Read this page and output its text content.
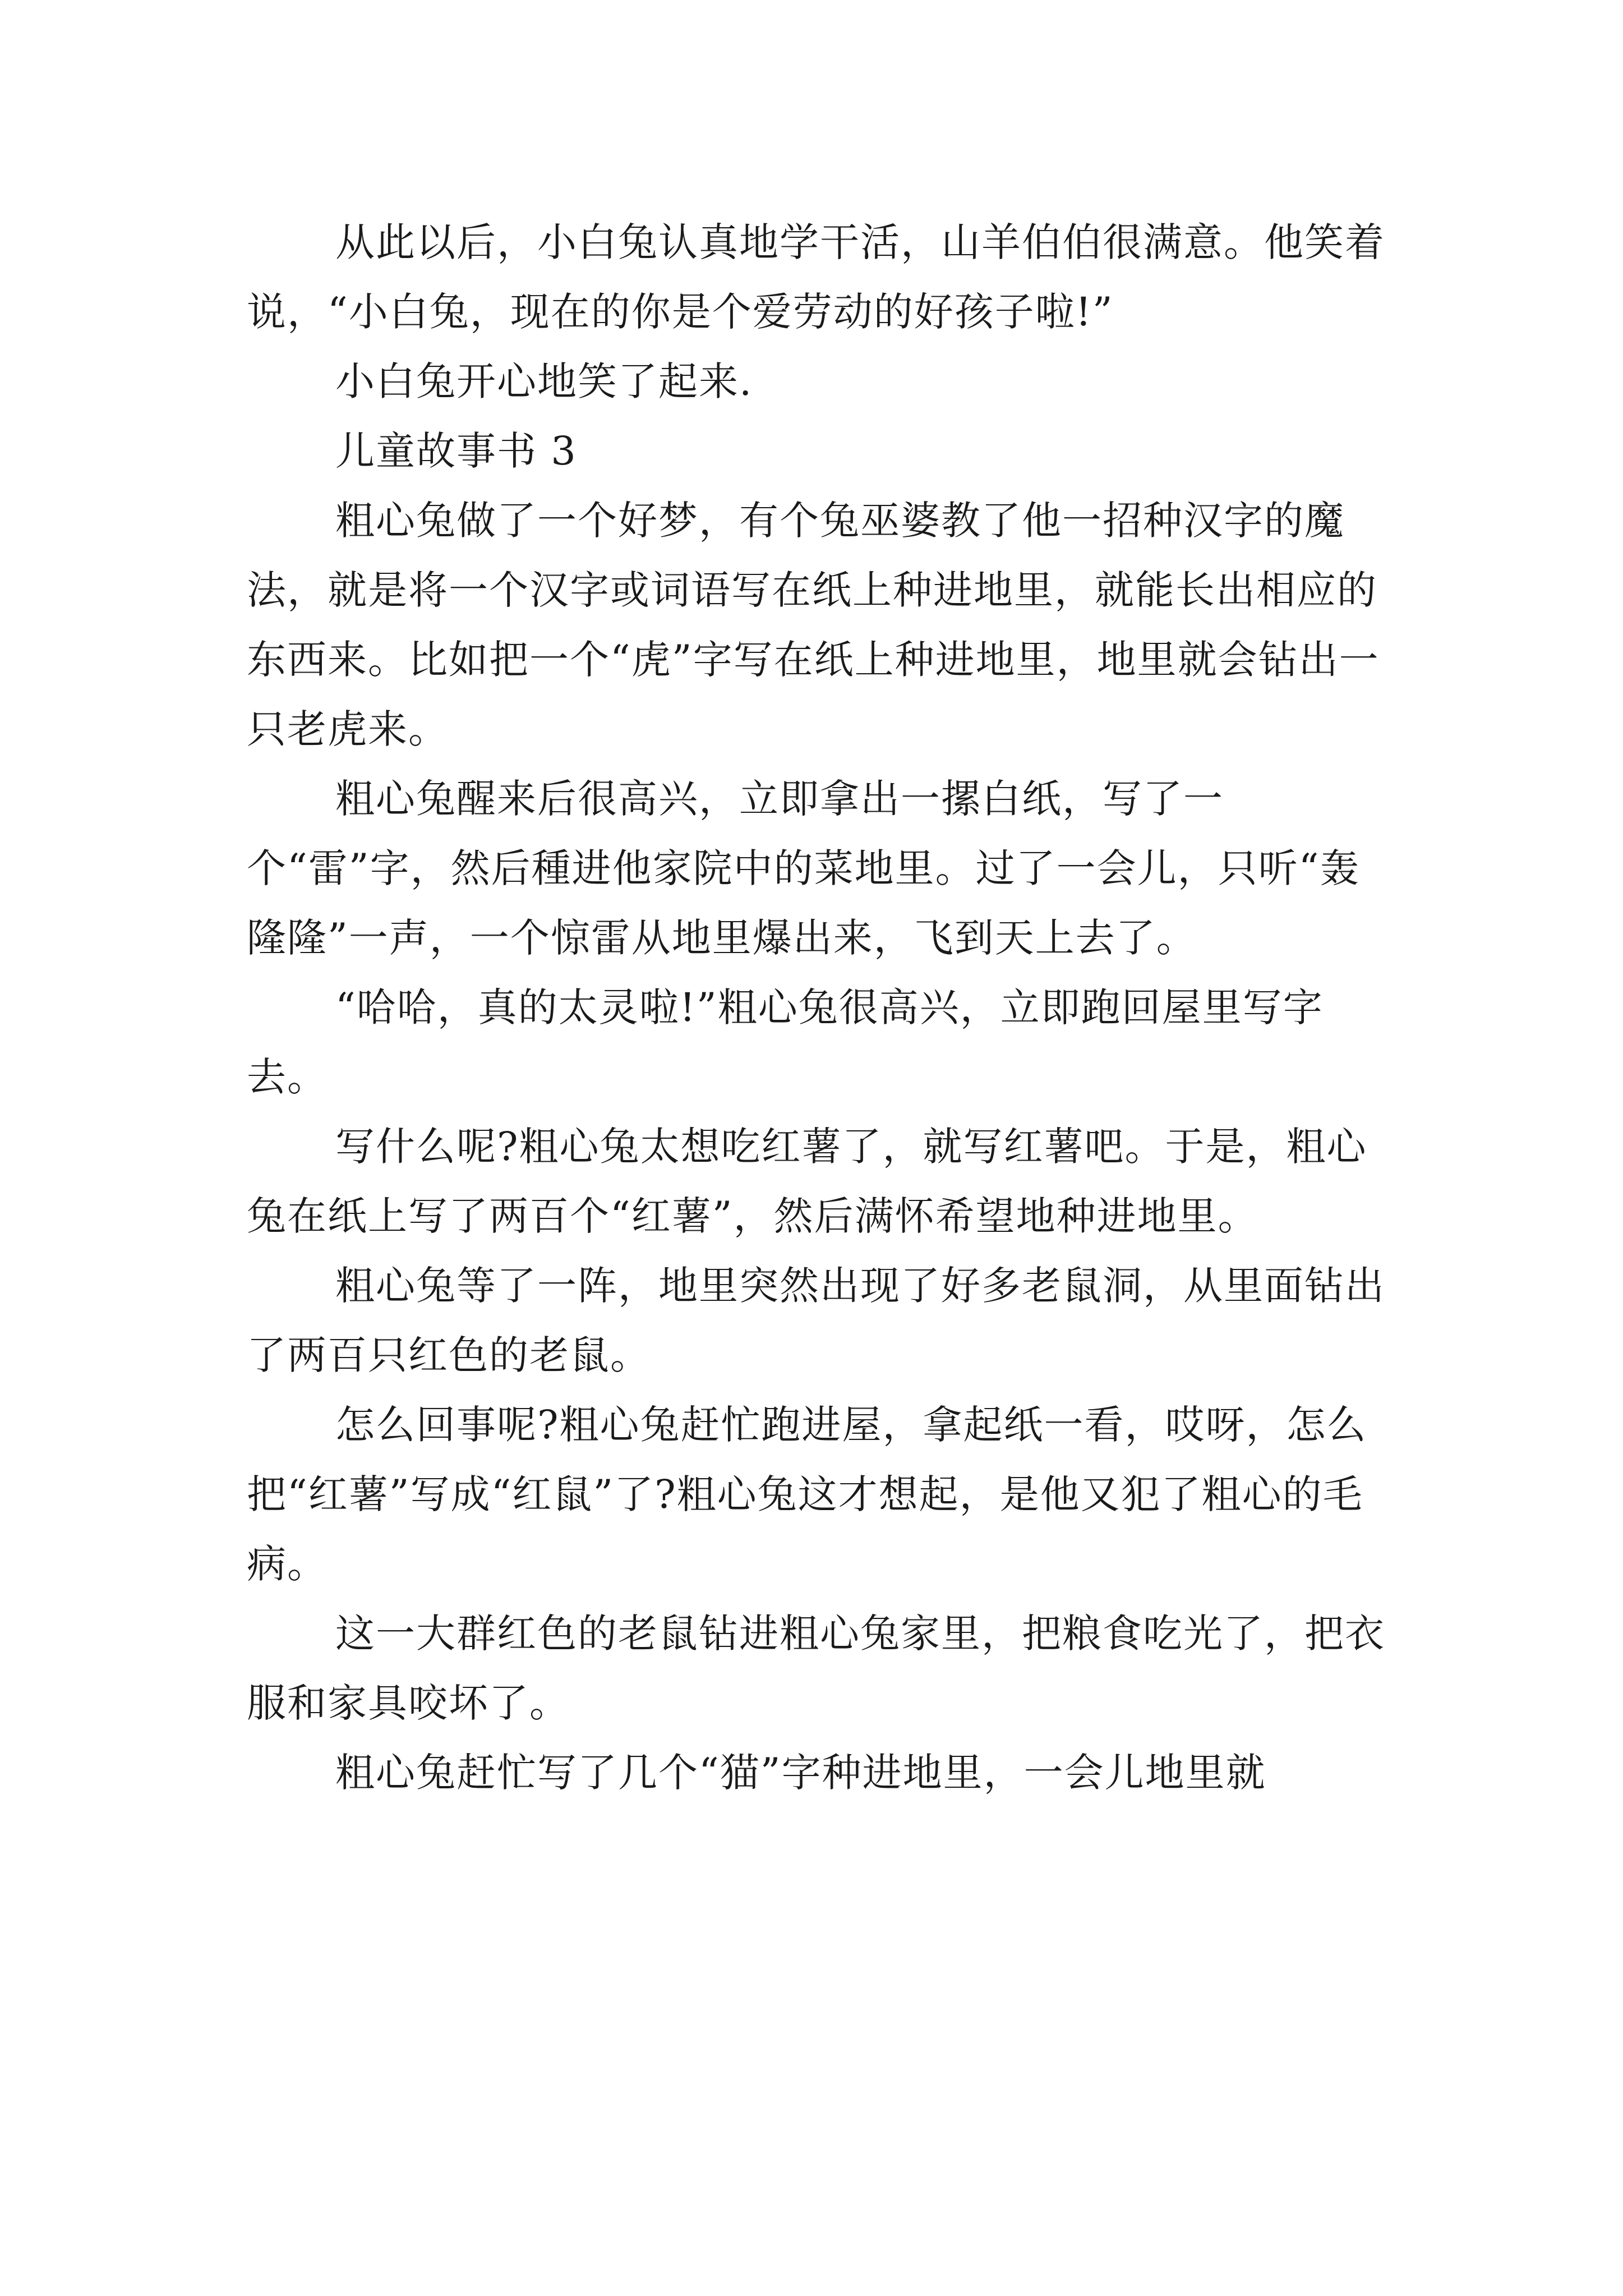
从此以后，小白兔认真地学干活，山羊伯伯很满意。他笑着说，“小白兔，现在的你是个爱劳动的好孩子啦!”

小白兔开心地笑了起来.

儿童故事书 3

粗心兔做了一个好梦，有个兔巫婆教了他一招种汉字的魔法，就是将一个汉字或词语写在纸上种进地里，就能长出相应的东西来。比如把一个“虎”字写在纸上种进地里，地里就会钻出一只老虎来。

粗心兔醒来后很高兴，立即拿出一摞白纸，写了一个“雷”字，然后種进他家院中的菜地里。过了一会儿，只听“轰隆隆”一声，一个惊雷从地里爆出来，飞到天上去了。

“哈哈，真的太灵啦!”粗心兔很高兴，立即跑回屋里写字去。

写什么呢?粗心兔太想吃红薯了，就写红薯吧。于是，粗心兔在纸上写了两百个“红薯”，然后满怀希望地种进地里。

粗心兔等了一阵，地里突然出现了好多老鼠洞，从里面钻出了两百只红色的老鼠。

怎么回事呢?粗心兔赶忙跑进屋，拿起纸一看，哎呀，怎么把“红薯”写成“红鼠”了?粗心兔这才想起，是他又犯了粗心的毛病。

这一大群红色的老鼠钻进粗心兔家里，把粮食吃光了，把衣服和家具咬坏了。

粗心兔赶忙写了几个“猫”字种进地里，一会儿地里就
